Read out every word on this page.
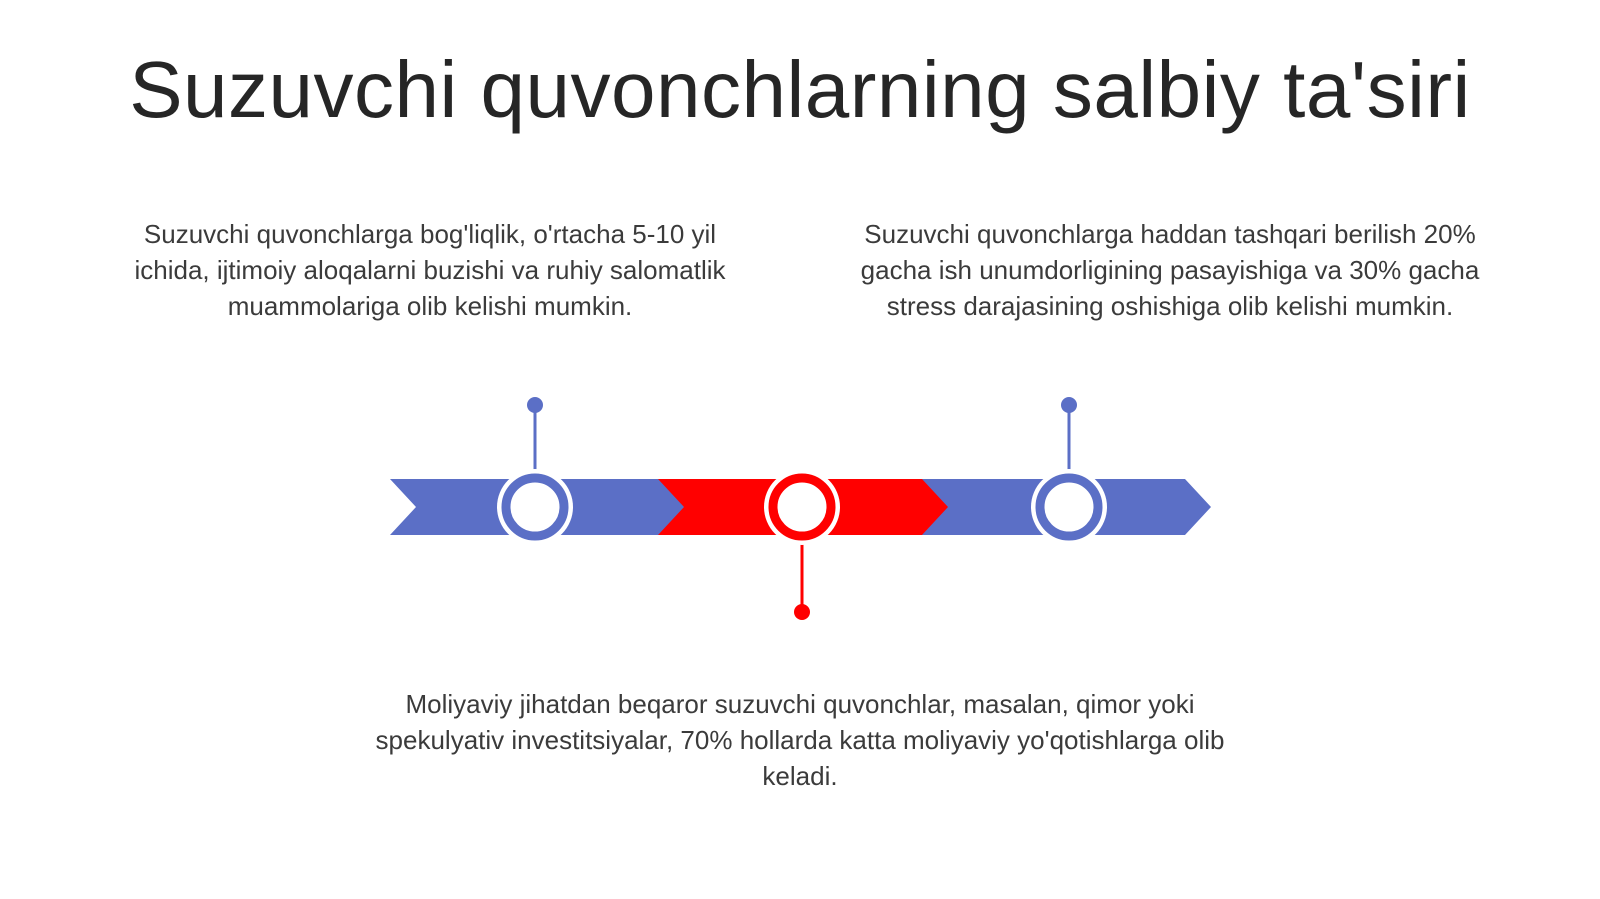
Suzuvchi quvonchlarning salbiy ta'siri

Suzuvchi quvonchlarga bog'liqlik, o'rtacha 5-10 yil ichida, ijtimoiy aloqalarni buzishi va ruhiy salomatlik muammolariga olib kelishi mumkin.

Suzuvchi quvonchlarga haddan tashqari berilish 20% gacha ish unumdorligining pasayishiga va 30% gacha stress darajasining oshishiga olib kelishi mumkin.

Moliyaviy jihatdan beqaror suzuvchi quvonchlar, masalan, qimor yoki spekulyativ investitsiyalar, 70% hollarda katta moliyaviy yo'qotishlarga olib keladi.
